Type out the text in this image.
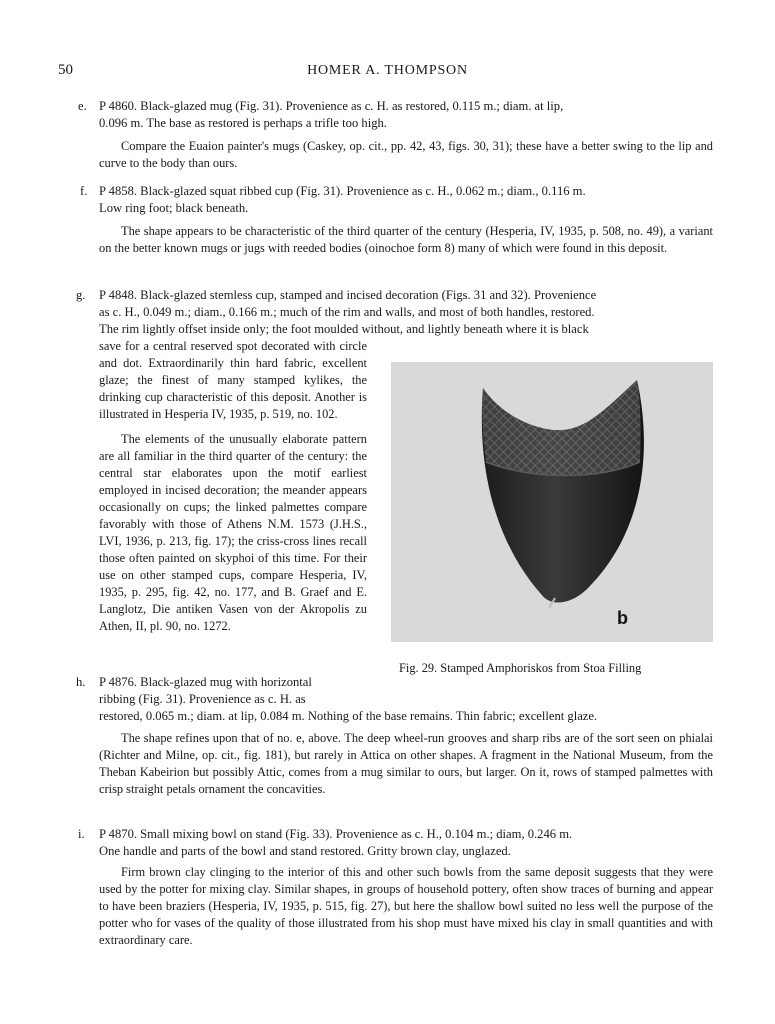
50	HOMER A. THOMPSON
e. P 4860. Black-glazed mug (Fig. 31). Provenience as c. H. as restored, 0.115 m.; diam. at lip,
0.096 m. The base as restored is perhaps a trifle too high.
Compare the Euaion painter's mugs (Caskey, op. cit., pp. 42, 43, figs. 30, 31); these have a better swing to the lip and curve to the body than ours.
f. P 4858. Black-glazed squat ribbed cup (Fig. 31). Provenience as c. H., 0.062 m.; diam., 0.116 m.
Low ring foot; black beneath.
The shape appears to be characteristic of the third quarter of the century (Hesperia, IV, 1935, p. 508, no. 49), a variant on the better known mugs or jugs with reeded bodies (oinochoe form 8) many of which were found in this deposit.
g. P 4848. Black-glazed stemless cup, stamped and incised decoration (Figs. 31 and 32). Provenience
as c. H., 0.049 m.; diam., 0.166 m.; much of the rim and walls, and most of both handles, restored.
The rim lightly offset inside only; the foot moulded without, and lightly beneath where it is black
save for a central reserved spot decorated with circle and dot. Extraordinarily thin hard fabric, excellent glaze; the finest of many stamped kylikes, the drinking cup characteristic of this deposit. Another is illustrated in Hesperia IV, 1935, p. 519, no. 102.
The elements of the unusually elaborate pattern are all familiar in the third quarter of the century: the central star elaborates upon the motif earliest employed in incised decoration; the meander appears occasionally on cups; the linked palmettes compare favorably with those of Athens N.M. 1573 (J.H.S., LVI, 1936, p. 213, fig. 17); the criss-cross lines recall those often painted on skyphoi of this time. For their use on other stamped cups, compare Hesperia, IV, 1935, p. 295, fig. 42, no. 177, and B. Graef and E. Langlotz, Die antiken Vasen von der Akropolis zu Athen, II, pl. 90, no. 1272.	b
Fig. 29. Stamped Amphoriskos from Stoa Filling
h. P 4876. Black-glazed mug with horizontal
ribbing (Fig. 31). Provenience as c. H. as
restored, 0.065 m.; diam. at lip, 0.084 m. Nothing of the base remains. Thin fabric; excellent glaze.
The shape refines upon that of no. e, above. The deep wheel-run grooves and sharp ribs are of the sort seen on phialai (Richter and Milne, op. cit., fig. 181), but rarely in Attica on other shapes. A fragment in the National Museum, from the Theban Kabeirion but possibly Attic, comes from a mug similar to ours, but larger. On it, rows of stamped palmettes with crisp straight petals ornament the concavities.
i. P 4870. Small mixing bowl on stand (Fig. 33). Provenience as c. H., 0.104 m.; diam, 0.246 m.
One handle and parts of the bowl and stand restored. Gritty brown clay, unglazed.
Firm brown clay clinging to the interior of this and other such bowls from the same deposit suggests that they were used by the potter for mixing clay. Similar shapes, in groups of household pottery, often show traces of burning and appear to have been braziers (Hesperia, IV, 1935, p. 515, fig. 27), but here the shallow bowl suited no less well the purpose of the potter who for vases of the quality of those illustrated from his shop must have mixed his clay in small quantities and with extraordinary care.
